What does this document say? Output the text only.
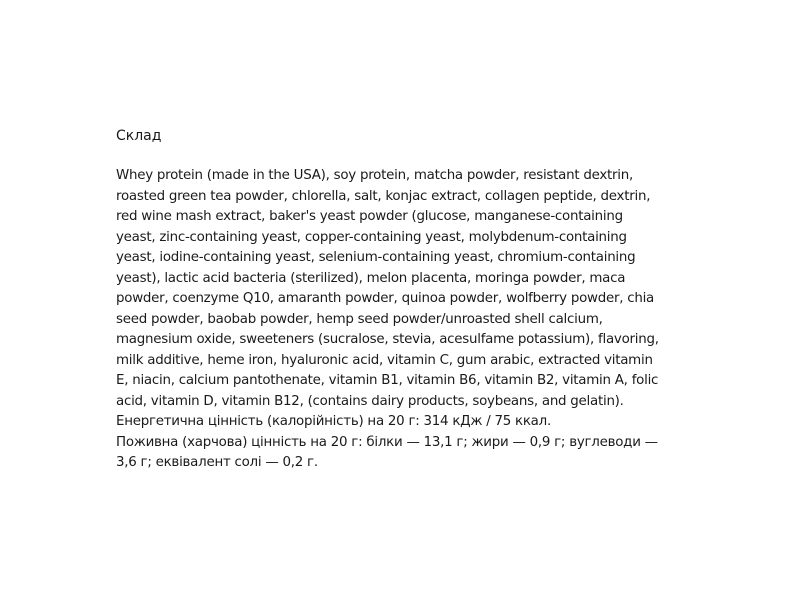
Склад

Whey protein (made in the USA), soy protein, matcha powder, resistant dextrin,
roasted green tea powder, chlorella, salt, konjac extract, collagen peptide, dextrin,
red wine mash extract, baker's yeast powder (glucose, manganese-containing
yeast, zinc-containing yeast, copper-containing yeast, molybdenum-containing
yeast, iodine-containing yeast, selenium-containing yeast, chromium-containing
yeast), lactic acid bacteria (sterilized), melon placenta, moringa powder, maca
powder, coenzyme Q10, amaranth powder, quinoa powder, wolfberry powder, chia
seed powder, baobab powder, hemp seed powder/unroasted shell calcium,
magnesium oxide, sweeteners (sucralose, stevia, acesulfame potassium), flavoring,
milk additive, heme iron, hyaluronic acid, vitamin C, gum arabic, extracted vitamin
E, niacin, calcium pantothenate, vitamin B1, vitamin B6, vitamin B2, vitamin A, folic
acid, vitamin D, vitamin B12, (contains dairy products, soybeans, and gelatin).
Енергетична цінність (калорійність) на 20 г: 314 кДж / 75 ккал.
Поживна (харчова) цінність на 20 г: білки — 13,1 г; жири — 0,9 г; вуглеводи —
3,6 г; еквівалент солі — 0,2 г.
